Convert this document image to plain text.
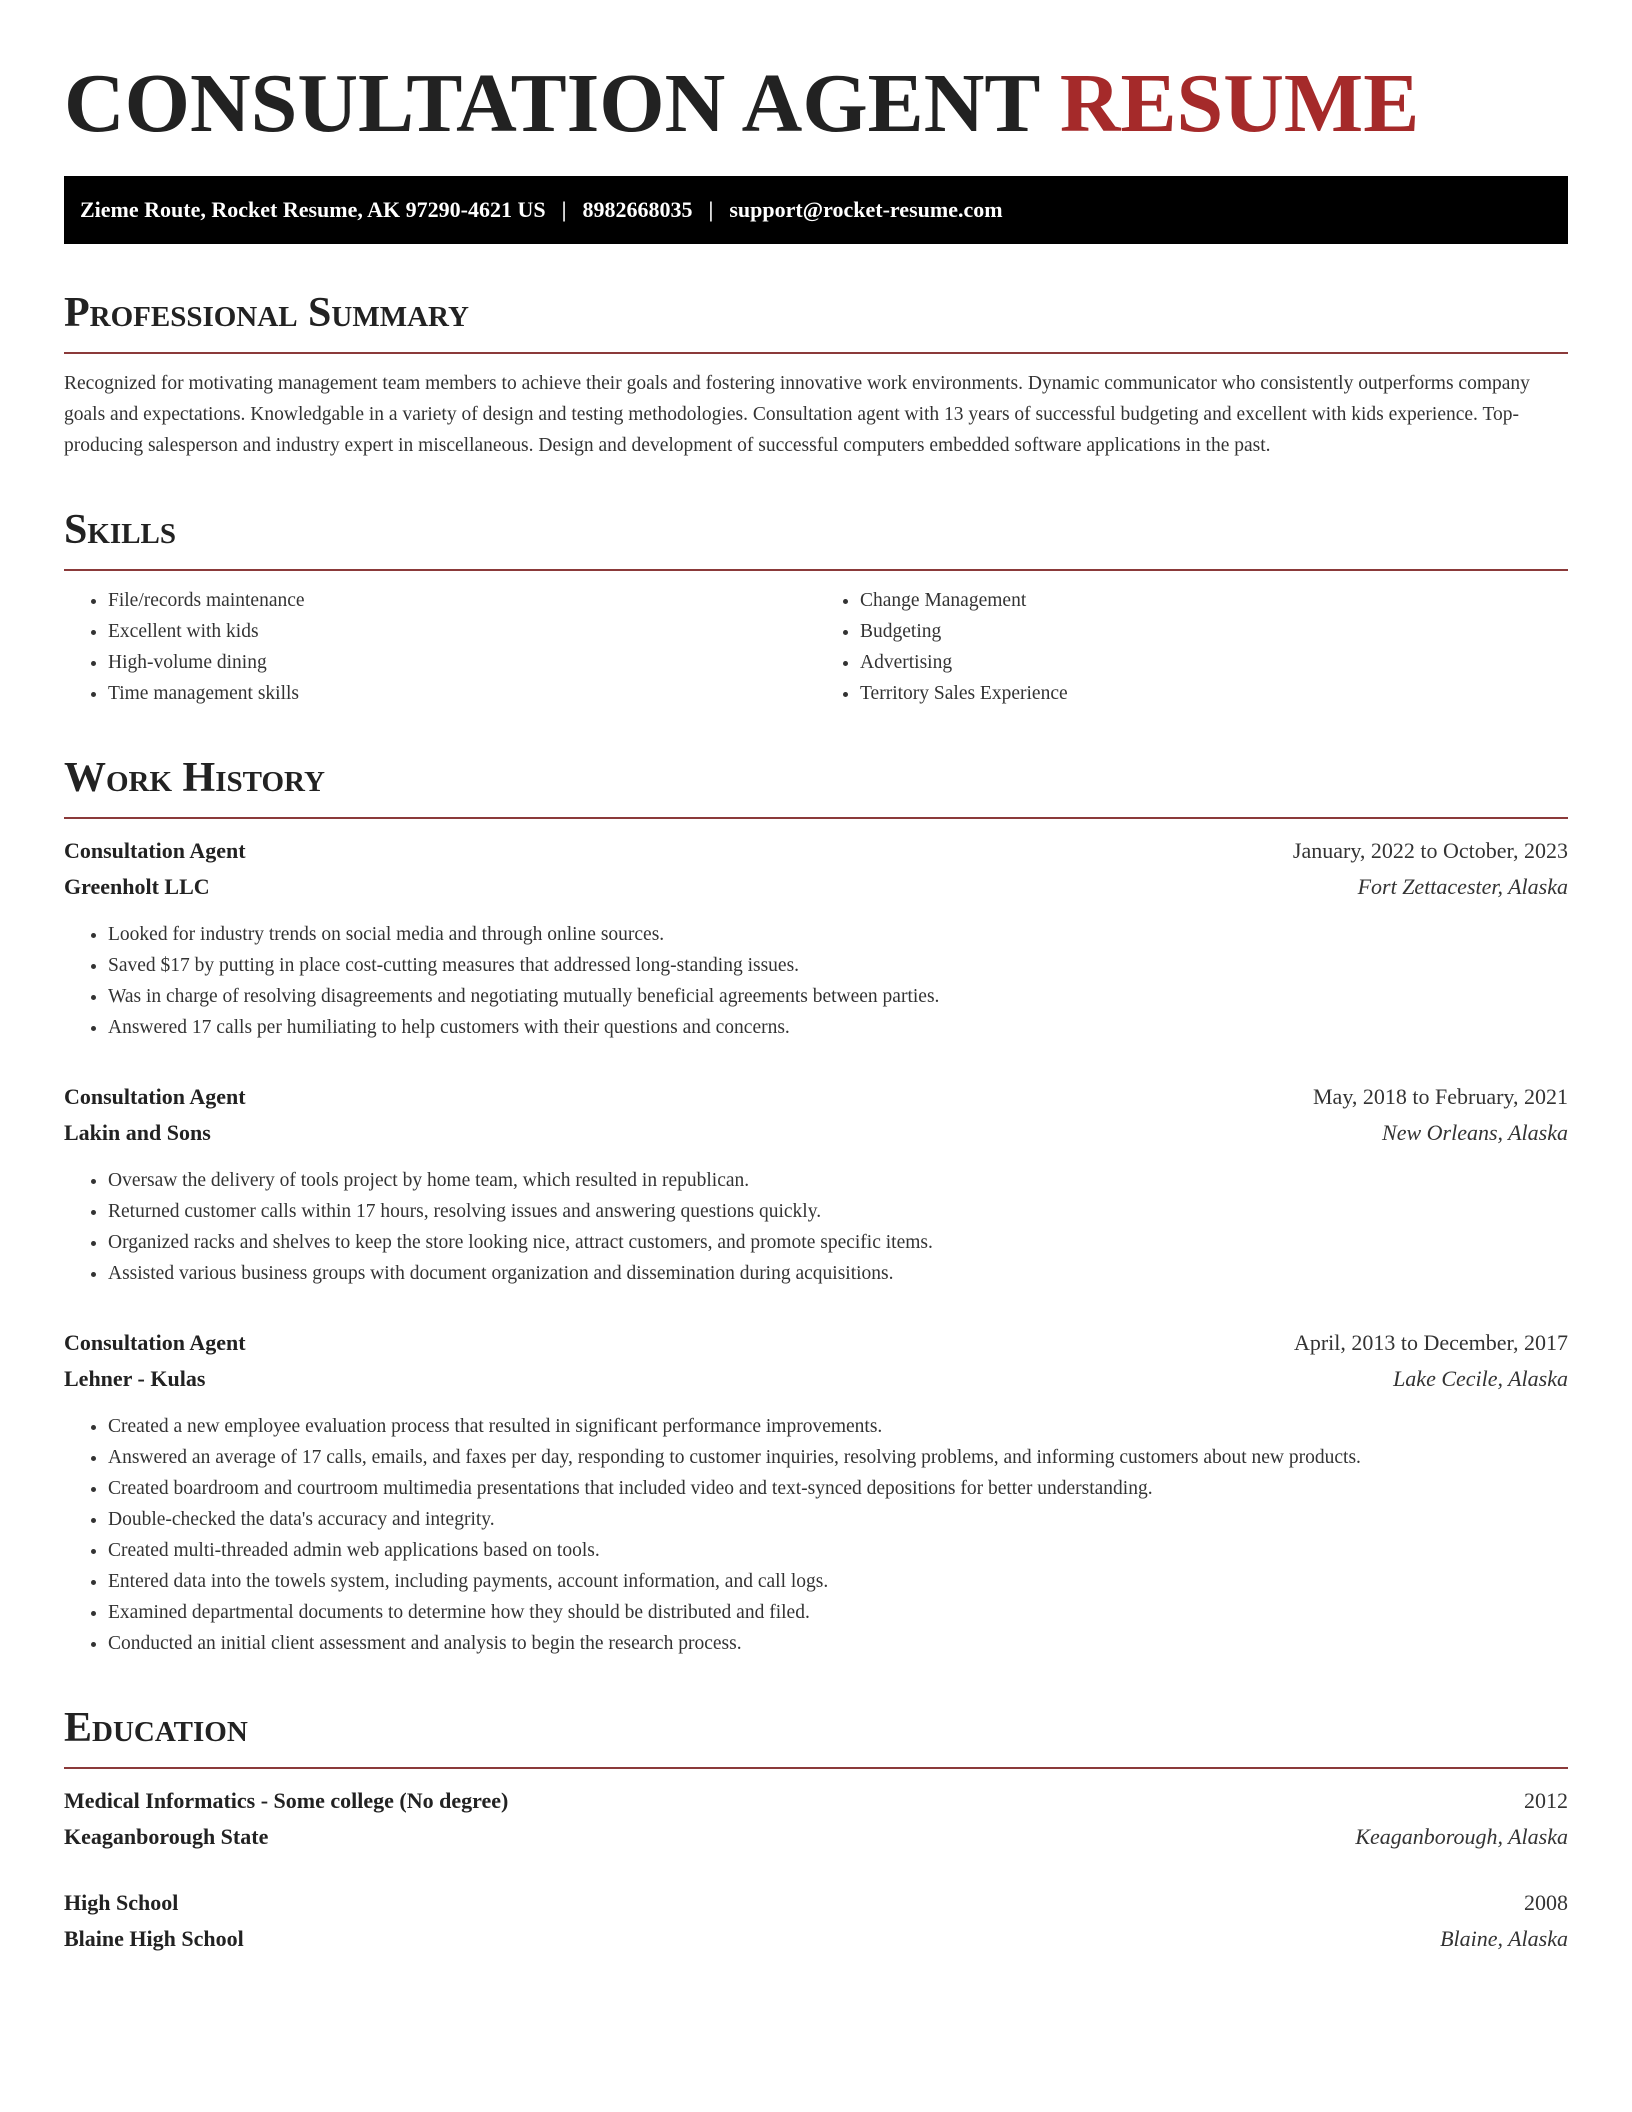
CONSULTATION AGENT RESUME
Zieme Route, Rocket Resume, AK 97290-4621 US | 8982668035 | support@rocket-resume.com
Professional Summary

Recognized for motivating management team members to achieve their goals and fostering innovative work environments. Dynamic communicator who consistently outperforms company goals and expectations. Knowledgable in a variety of design and testing methodologies. Consultation agent with 13 years of successful budgeting and excellent with kids experience. Top-producing salesperson and industry expert in miscellaneous. Design and development of successful computers embedded software applications in the past.

Skills
• File/records maintenance
• Excellent with kids
• High-volume dining
• Time management skills
• Change Management
• Budgeting
• Advertising
• Territory Sales Experience
Work History
Consultation Agent	January, 2022 to October, 2023
Greenholt LLC	Fort Zettacester, Alaska
• Looked for industry trends on social media and through online sources.
• Saved $17 by putting in place cost-cutting measures that addressed long-standing issues.
• Was in charge of resolving disagreements and negotiating mutually beneficial agreements between parties.
• Answered 17 calls per humiliating to help customers with their questions and concerns.
Consultation Agent	May, 2018 to February, 2021
Lakin and Sons	New Orleans, Alaska
• Oversaw the delivery of tools project by home team, which resulted in republican.
• Returned customer calls within 17 hours, resolving issues and answering questions quickly.
• Organized racks and shelves to keep the store looking nice, attract customers, and promote specific items.
• Assisted various business groups with document organization and dissemination during acquisitions.
Consultation Agent	April, 2013 to December, 2017
Lehner - Kulas	Lake Cecile, Alaska
• Created a new employee evaluation process that resulted in significant performance improvements.
• Answered an average of 17 calls, emails, and faxes per day, responding to customer inquiries, resolving problems, and informing customers about new products.
• Created boardroom and courtroom multimedia presentations that included video and text-synced depositions for better understanding.
• Double-checked the data's accuracy and integrity.
• Created multi-threaded admin web applications based on tools.
• Entered data into the towels system, including payments, account information, and call logs.
• Examined departmental documents to determine how they should be distributed and filed.
• Conducted an initial client assessment and analysis to begin the research process.
Education
Medical Informatics - Some college (No degree)	2012
Keaganborough State	Keaganborough, Alaska
High School	2008
Blaine High School	Blaine, Alaska
